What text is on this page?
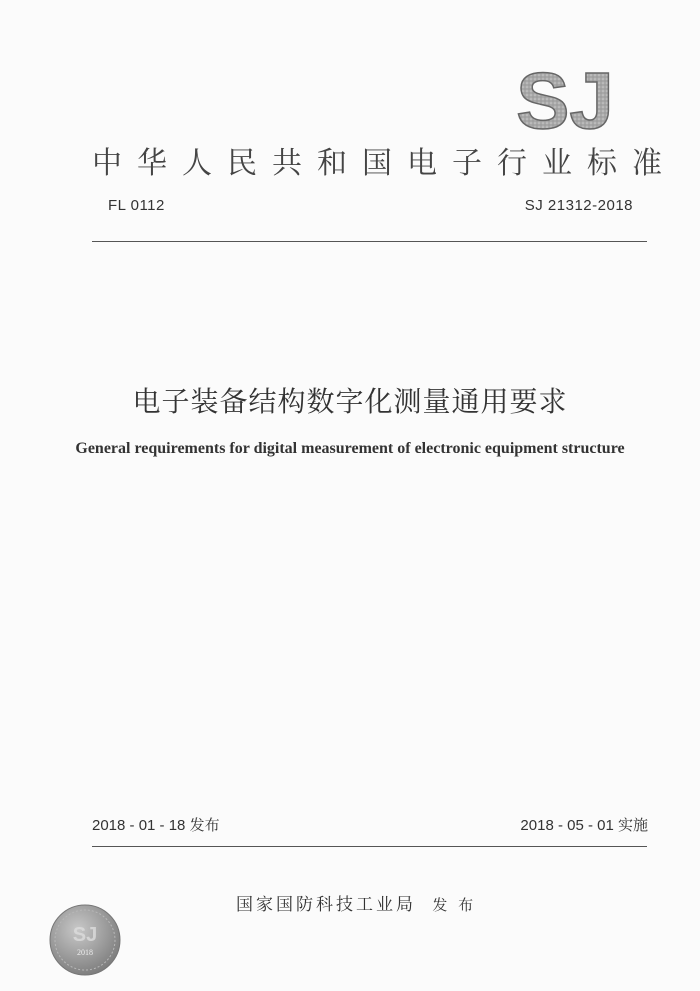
SJ
中华人民共和国电子行业标准
FL 0112	SJ 21312-2018
电子装备结构数字化测量通用要求
General requirements for digital measurement of electronic equipment structure
2018 - 01 - 18 发布	2018 - 05 - 01 实施
国家国防科技工业局 发 布
SJ
2018
